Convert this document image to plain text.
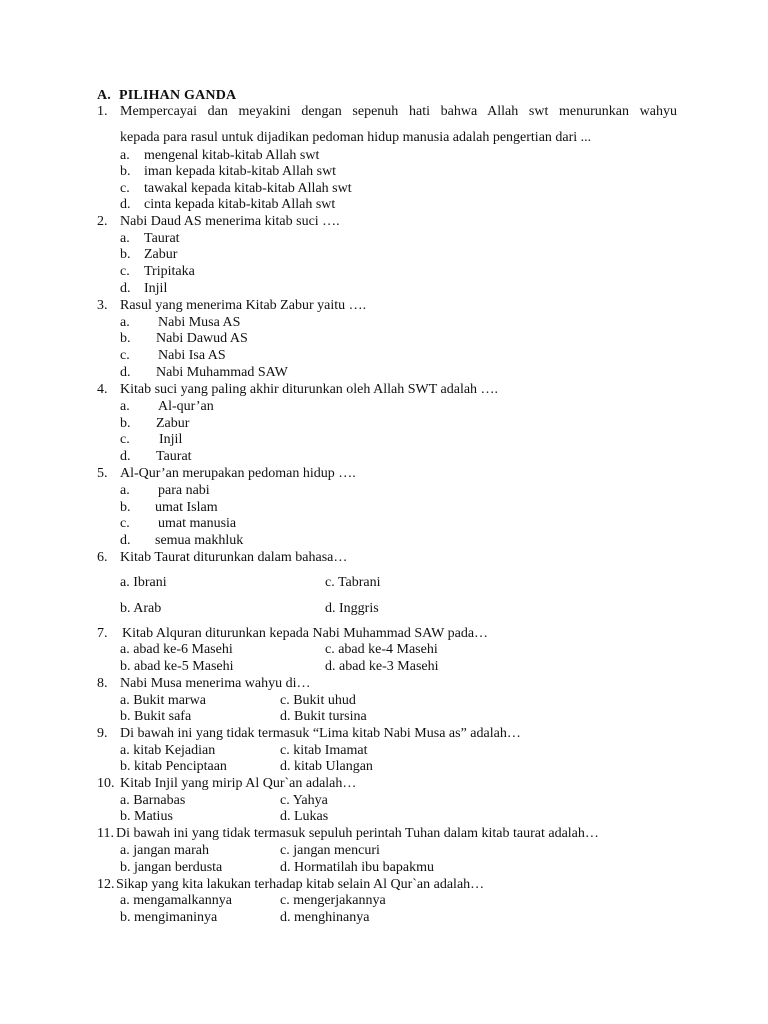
A. PILIHAN GANDA
1. Mempercayai dan meyakini dengan sepenuh hati bahwa Allah swt menurunkan wahyu
kepada para rasul untuk dijadikan pedoman hidup manusia adalah pengertian dari ...
a. mengenal kitab-kitab Allah swt
b. iman kepada kitab-kitab Allah swt
c. tawakal kepada kitab-kitab Allah swt
d. cinta kepada kitab-kitab Allah swt
2. Nabi Daud AS menerima kitab suci ….
a. Taurat
b. Zabur
c. Tripitaka
d. Injil
3. Rasul yang menerima Kitab Zabur yaitu ….
a. Nabi Musa AS
b. Nabi Dawud AS
c. Nabi Isa AS
d. Nabi Muhammad SAW
4. Kitab suci yang paling akhir diturunkan oleh Allah SWT adalah ….
a. Al-qur’an
b. Zabur
c. Injil
d. Taurat
5. Al-Qur’an merupakan pedoman hidup ….
a. para nabi
b. umat Islam
c. umat manusia
d. semua makhluk
6. Kitab Taurat diturunkan dalam bahasa…
a. Ibrani	c. Tabrani
b. Arab	d. Inggris
7. Kitab Alquran diturunkan kepada Nabi Muhammad SAW pada…
a. abad ke-6 Masehi	c. abad ke-4 Masehi
b. abad ke-5 Masehi	d. abad ke-3 Masehi
8. Nabi Musa menerima wahyu di…
a. Bukit marwa	c. Bukit uhud
b. Bukit safa	d. Bukit tursina
9. Di bawah ini yang tidak termasuk “Lima kitab Nabi Musa as” adalah…
a. kitab Kejadian	c. kitab Imamat
b. kitab Penciptaan	d. kitab Ulangan
10. Kitab Injil yang mirip Al Qur`an adalah…
a. Barnabas	c. Yahya
b. Matius	d. Lukas
11. Di bawah ini yang tidak termasuk sepuluh perintah Tuhan dalam kitab taurat adalah…
a. jangan marah	c. jangan mencuri
b. jangan berdusta	d. Hormatilah ibu bapakmu
12. Sikap yang kita lakukan terhadap kitab selain Al Qur`an adalah…
a. mengamalkannya	c. mengerjakannya
b. mengimaninya	d. menghinanya
